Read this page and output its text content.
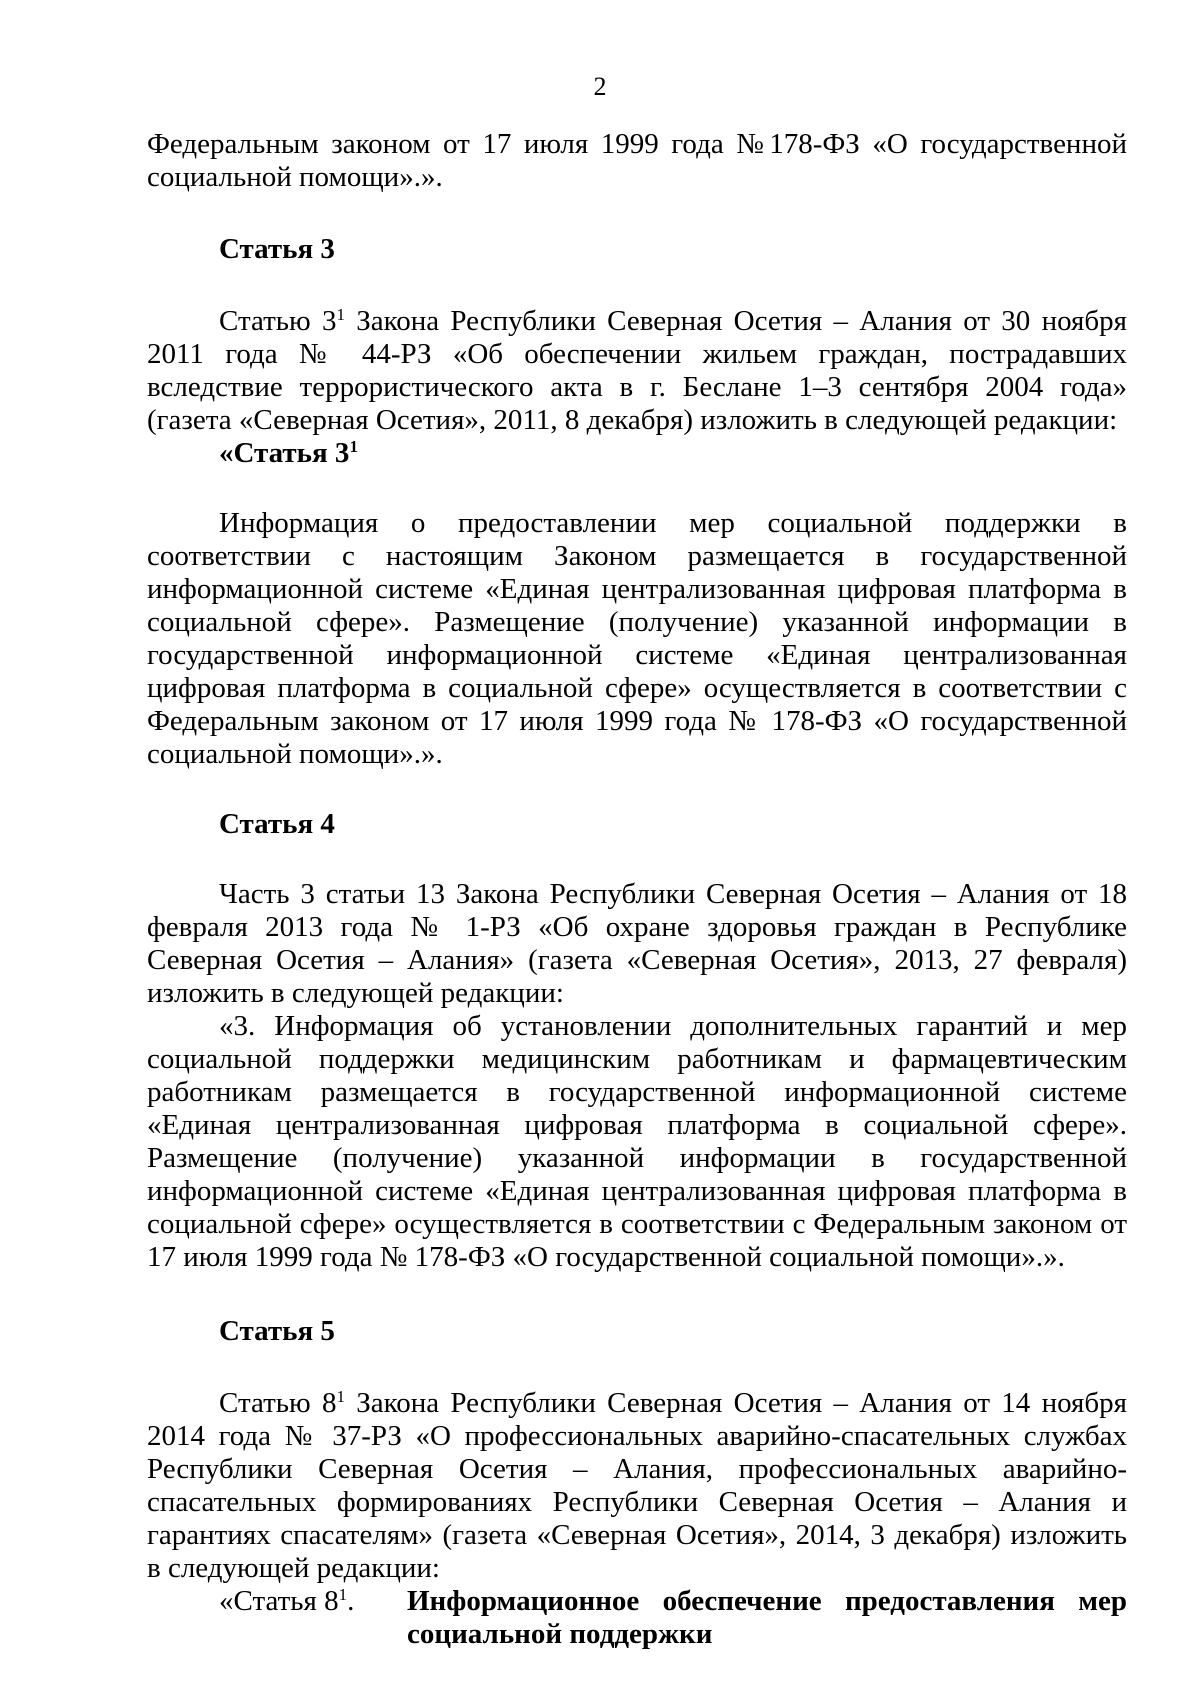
2

Федеральным законом от 17 июля 1999 года №178-ФЗ «О государственной социальной помощи».».

Статья 3

Статью $3^1$ Закона Республики Северная Осетия – Алания от 30 ноября 2011 года № 44-РЗ «Об обеспечении жильем граждан, пострадавших вследствие террористического акта в г. Беслане 1–3 сентября 2004 года» (газета «Северная Осетия», 2011, 8 декабря) изложить в следующей редакции:

«Статья $3^1$

Информация о предоставлении мер социальной поддержки в соответствии с настоящим Законом размещается в государственной информационной системе «Единая централизованная цифровая платформа в социальной сфере». Размещение (получение) указанной информации в государственной информационной системе «Единая централизованная цифровая платформа в социальной сфере» осуществляется в соответствии с Федеральным законом от 17 июля 1999 года № 178-ФЗ «О государственной социальной помощи».».

Статья 4

Часть 3 статьи 13 Закона Республики Северная Осетия – Алания от 18 февраля 2013 года № 1-РЗ «Об охране здоровья граждан в Республике Северная Осетия – Алания» (газета «Северная Осетия», 2013, 27 февраля) изложить в следующей редакции:

«3. Информация об установлении дополнительных гарантий и мер социальной поддержки медицинским работникам и фармацевтическим работникам размещается в государственной информационной системе «Единая централизованная цифровая платформа в социальной сфере». Размещение (получение) указанной информации в государственной информационной системе «Единая централизованная цифровая платформа в социальной сфере» осуществляется в соответствии с Федеральным законом от 17 июля 1999 года № 178-ФЗ «О государственной социальной помощи».».

Статья 5

Статью $8^1$ Закона Республики Северная Осетия – Алания от 14 ноября 2014 года № 37-РЗ «О профессиональных аварийно-спасательных службах Республики Северная Осетия – Алания, профессиональных аварийно-спасательных формированиях Республики Северная Осетия – Алания и гарантиях спасателям» (газета «Северная Осетия», 2014, 3 декабря) изложить в следующей редакции:

«Статья $8^1$.	Информационное обеспечение предоставления мер социальной поддержки
